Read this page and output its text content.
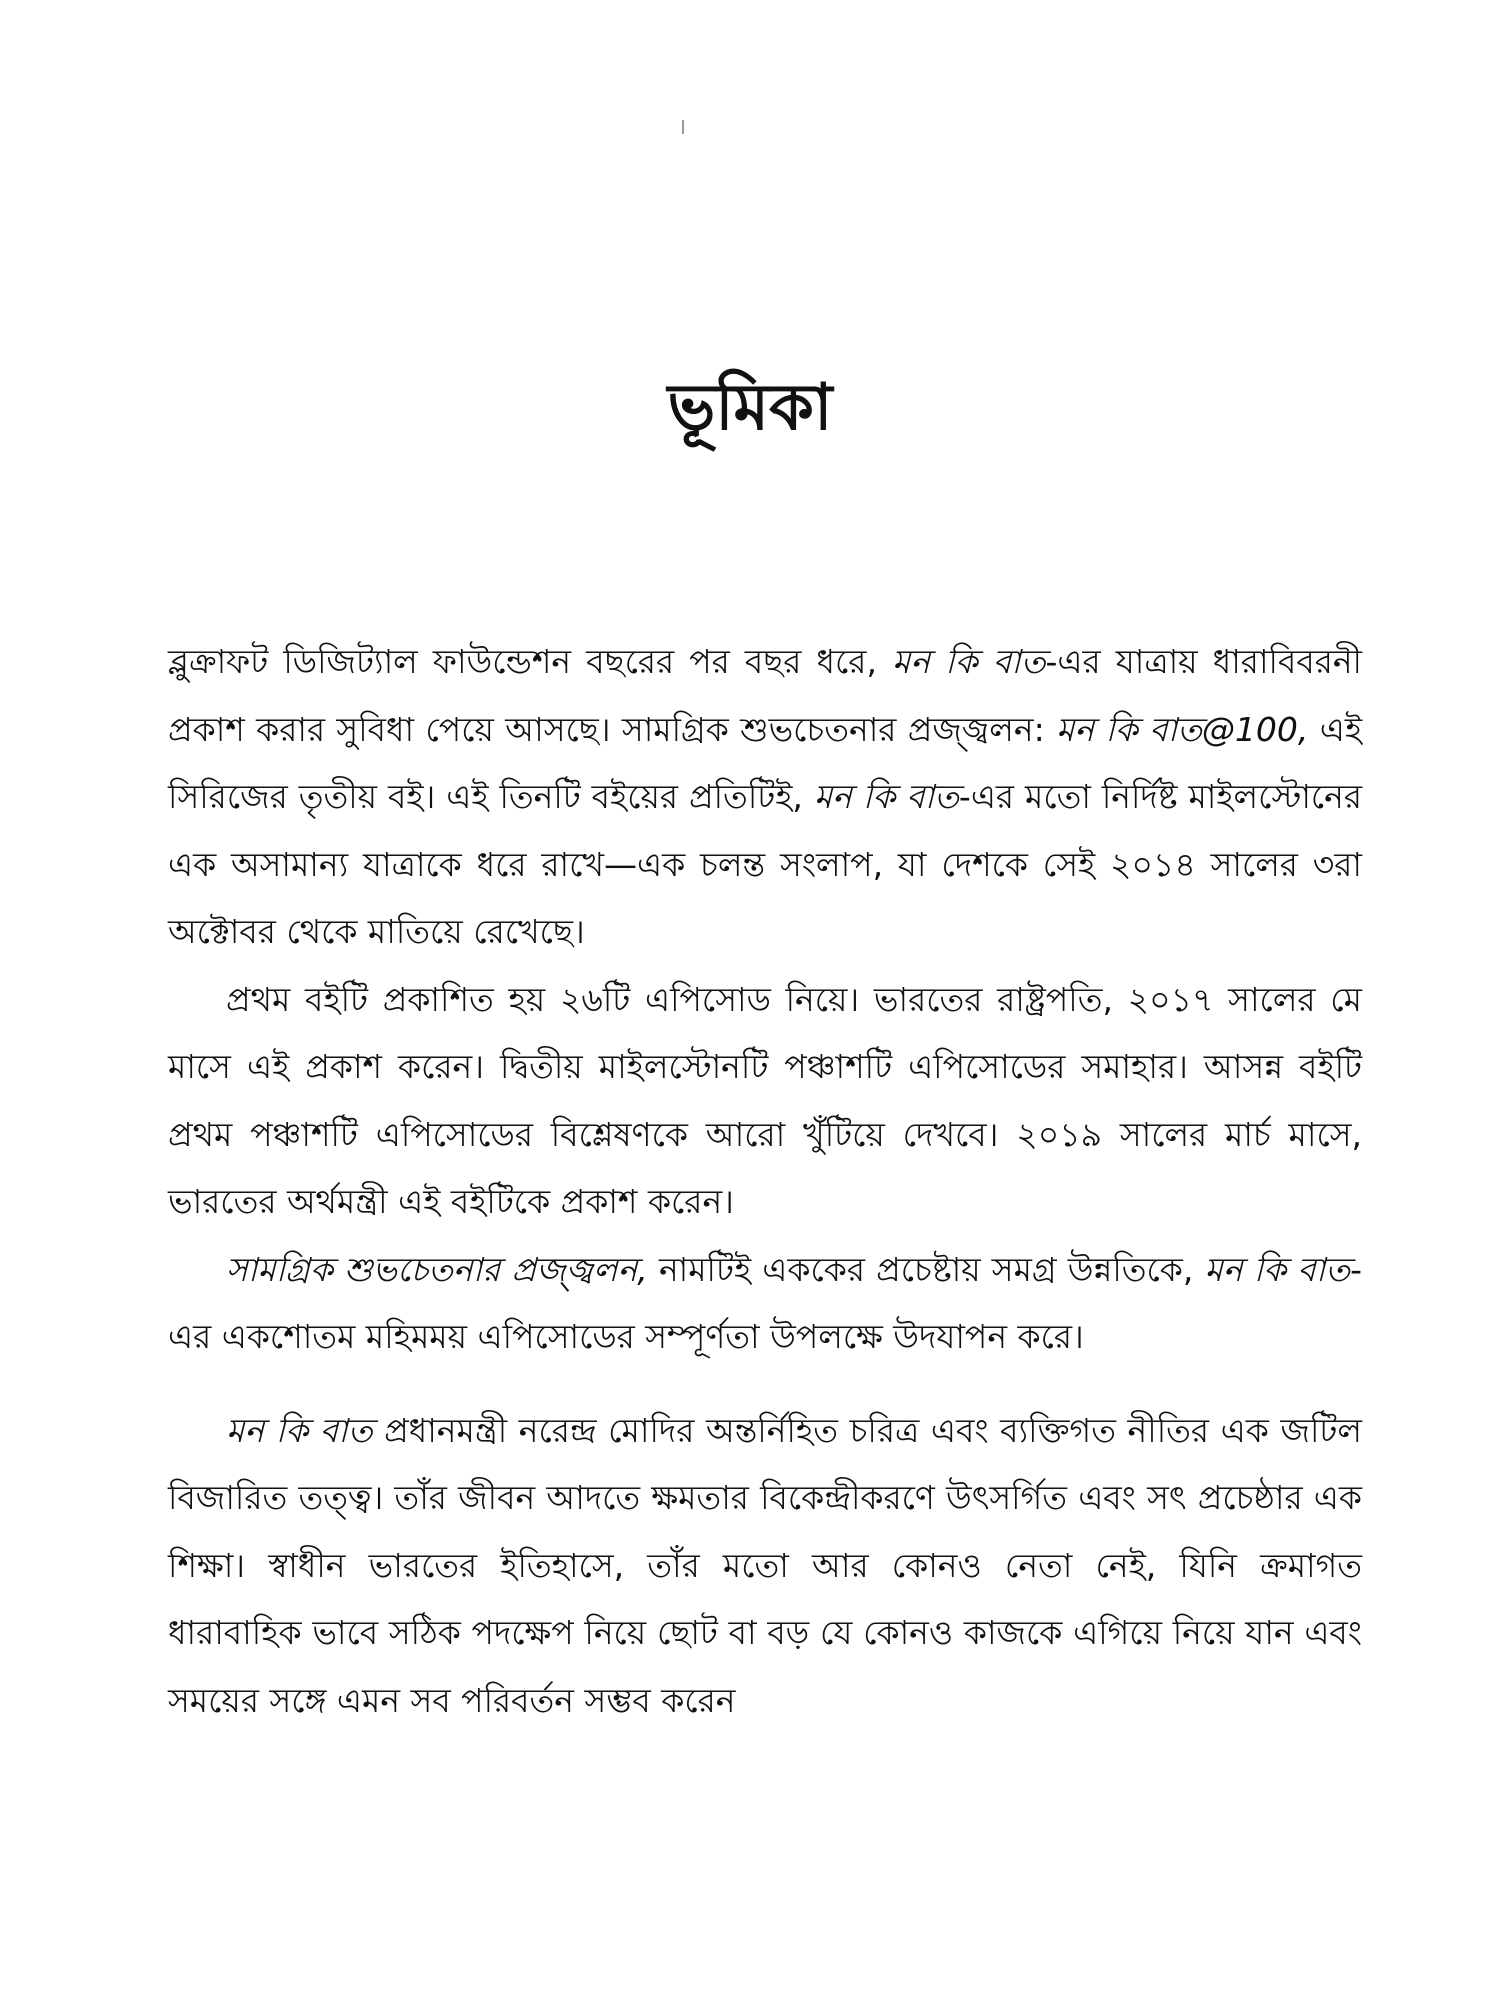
ভূমিকা

ব্লুক্রাফট ডিজিট্যাল ফাউন্ডেশন বছরের পর বছর ধরে, মন কি বাত-এর যাত্রায় ধারাবিবরনী প্রকাশ করার সুবিধা পেয়ে আসছে। সামগ্রিক শুভচেতনার প্রজ্জ্বলন: মন কি বাত@100, এই সিরিজের তৃতীয় বই। এই তিনটি বইয়ের প্রতিটিই, মন কি বাত-এর মতো নির্দিষ্ট মাইলস্টোনের এক অসামান্য যাত্রাকে ধরে রাখে—এক চলন্ত সংলাপ, যা দেশকে সেই ২০১৪ সালের ৩রা অক্টোবর থেকে মাতিয়ে রেখেছে।

প্রথম বইটি প্রকাশিত হয় ২৬টি এপিসোড নিয়ে। ভারতের রাষ্ট্রপতি, ২০১৭ সালের মে মাসে এই প্রকাশ করেন। দ্বিতীয় মাইলস্টোনটি পঞ্চাশটি এপিসোডের সমাহার। আসন্ন বইটি প্রথম পঞ্চাশটি এপিসোডের বিশ্লেষণকে আরো খুঁটিয়ে দেখবে। ২০১৯ সালের মার্চ মাসে, ভারতের অর্থমন্ত্রী এই বইটিকে প্রকাশ করেন।

সামগ্রিক শুভচেতনার প্রজ্জ্বলন, নামটিই এককের প্রচেষ্টায় সমগ্র উন্নতিকে, মন কি বাত-এর একশোতম মহিমময় এপিসোডের সম্পূর্ণতা উপলক্ষে উদযাপন করে।

মন কি বাত প্রধানমন্ত্রী নরেন্দ্র মোদির অন্তর্নিহিত চরিত্র এবং ব্যক্তিগত নীতির এক জটিল বিজারিত তত্ত্ব। তাঁর জীবন আদতে ক্ষমতার বিকেন্দ্রীকরণে উৎসর্গিত এবং সৎ প্রচেষ্ঠার এক শিক্ষা। স্বাধীন ভারতের ইতিহাসে, তাঁর মতো আর কোনও নেতা নেই, যিনি ক্রমাগত ধারাবাহিক ভাবে সঠিক পদক্ষেপ নিয়ে ছোট বা বড় যে কোনও কাজকে এগিয়ে নিয়ে যান এবং সময়ের সঙ্গে এমন সব পরিবর্তন সম্ভব করেন
